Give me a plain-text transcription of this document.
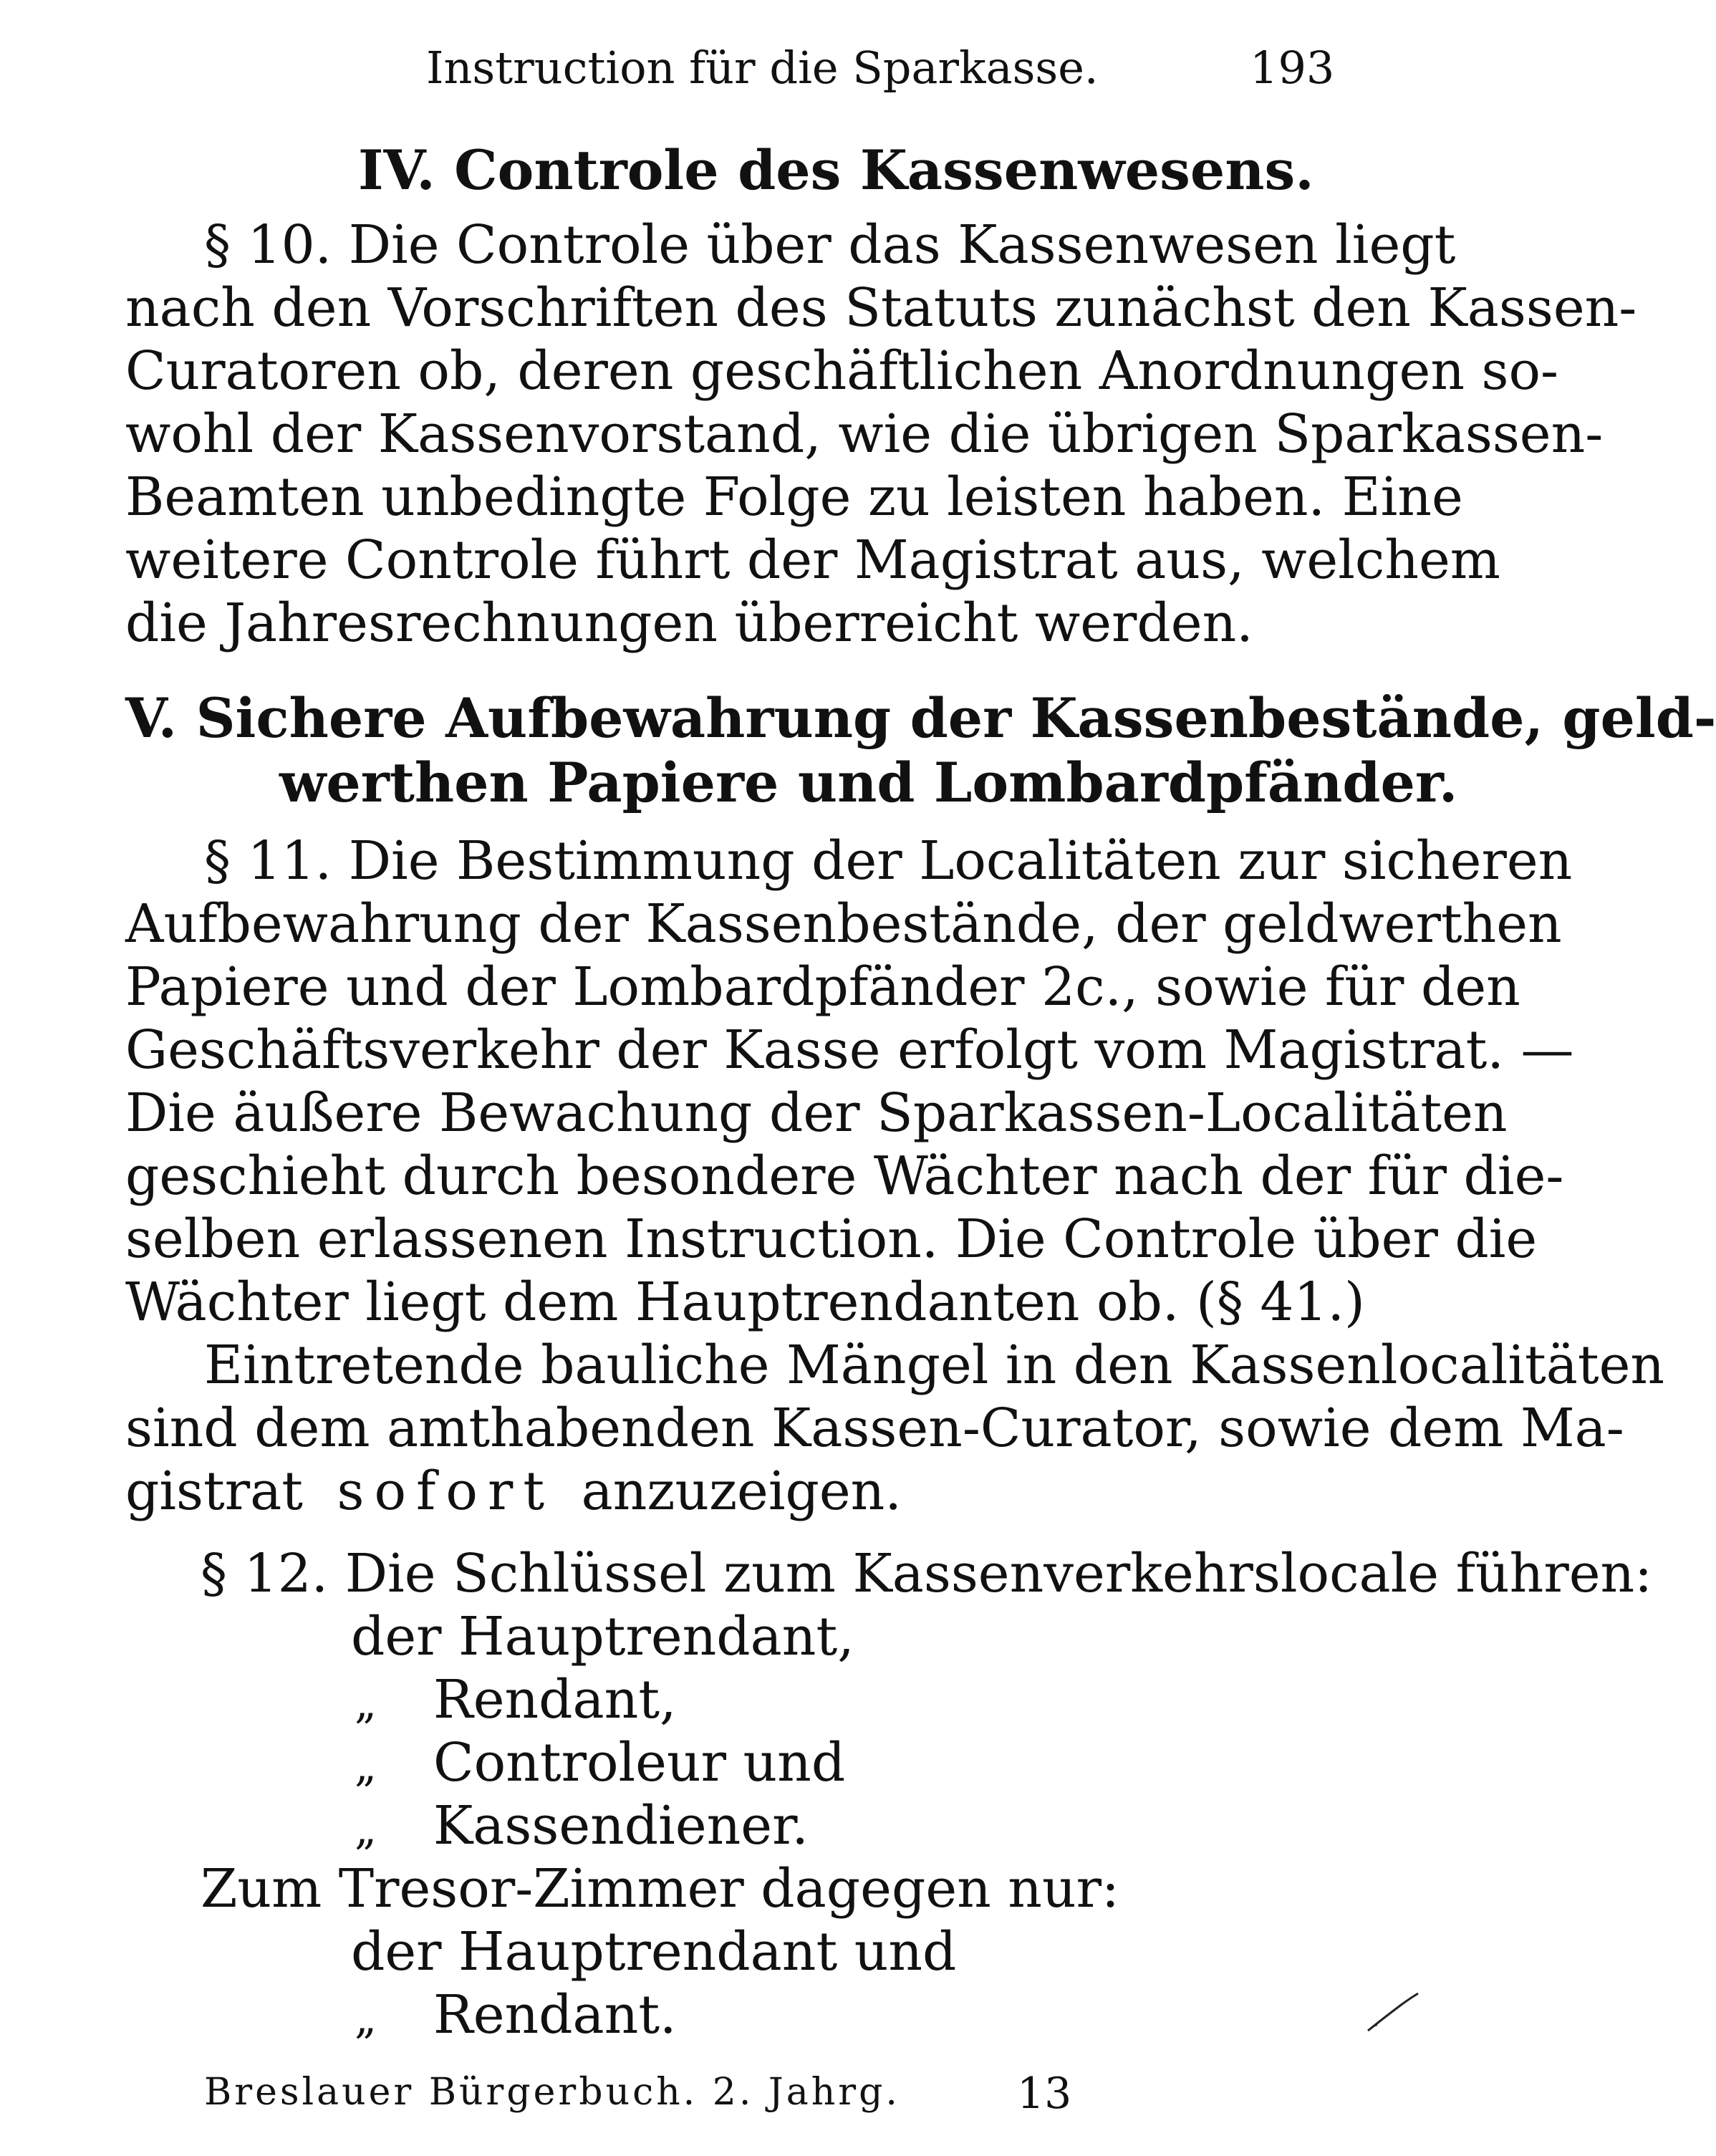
Instruction für die Sparkasse.	193
IV. Controle des Kassenwesens.
§ 10. Die Controle über das Kassenwesen liegt
nach den Vorschriften des Statuts zunächst den Kassen-
Curatoren ob, deren geschäftlichen Anordnungen so-
wohl der Kassenvorstand, wie die übrigen Sparkassen-
Beamten unbedingte Folge zu leisten haben. Eine
weitere Controle führt der Magistrat aus, welchem
die Jahresrechnungen überreicht werden.
V. Sichere Aufbewahrung der Kassenbestände, geld-
werthen Papiere und Lombardpfänder.
§ 11. Die Bestimmung der Localitäten zur sicheren
Aufbewahrung der Kassenbestände, der geldwerthen
Papiere und der Lombardpfänder 2c., sowie für den
Geschäftsverkehr der Kasse erfolgt vom Magistrat. —
Die äußere Bewachung der Sparkassen-Localitäten
geschieht durch besondere Wächter nach der für die-
selben erlassenen Instruction. Die Controle über die
Wächter liegt dem Hauptrendanten ob. (§ 41.)
Eintretende bauliche Mängel in den Kassenlocalitäten
sind dem amthabenden Kassen-Curator, sowie dem Ma-
gistrat sofort anzuzeigen.
§ 12. Die Schlüssel zum Kassenverkehrslocale führen:
der Hauptrendant,
„ Rendant,
„ Controleur und
„ Kassendiener.
Zum Tresor-Zimmer dagegen nur:
der Hauptrendant und
„ Rendant.
Breslauer Bürgerbuch. 2. Jahrg.	13
